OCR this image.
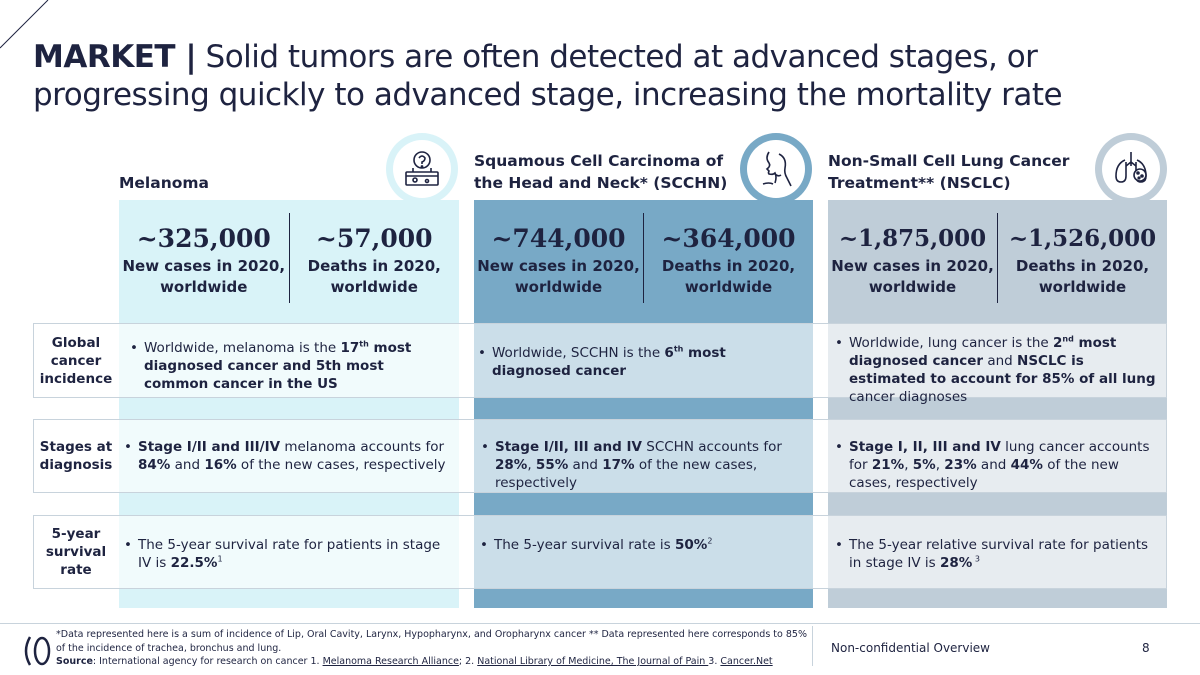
MARKET | Solid tumors are often detected at advanced stages, or progressing quickly to advanced stage, increasing the mortality rate
Melanoma
Squamous Cell Carcinoma of
the Head and Neck* (SCCHN)
Non-Small Cell Lung Cancer
Treatment** (NSCLC)
~325,000
New cases in 2020, worldwide
~57,000
Deaths in 2020, worldwide
~744,000
New cases in 2020, worldwide
~364,000
Deaths in 2020, worldwide
~1,875,000
New cases in 2020, worldwide
~1,526,000
Deaths in 2020, worldwide
Global cancer incidence
Stages at diagnosis
5-year survival rate
• Worldwide, melanoma is the 17th most diagnosed cancer and 5th most common cancer in the US
• Worldwide, SCCHN is the 6th most diagnosed cancer
• Worldwide, lung cancer is the 2nd most diagnosed cancer and NSCLC is estimated to account for 85% of all lung cancer diagnoses
• Stage I/II and III/IV melanoma accounts for 84% and 16% of the new cases, respectively
• Stage I/II, III and IV SCCHN accounts for 28%, 55% and 17% of the new cases, respectively
• Stage I, II, III and IV lung cancer accounts for 21%, 5%, 23% and 44% of the new cases, respectively
• The 5-year survival rate for patients in stage IV is 22.5%$^1$
• The 5-year survival rate is 50%$^2$
•	The 5-year relative survival rate for patients in stage IV is 28% $^3$
*Data represented here is a sum of incidence of Lip, Oral Cavity, Larynx, Hypopharynx, and Oropharynx cancer ** Data represented here corresponds to 85% of the incidence of trachea, bronchus and lung.
Source: International agency for research on cancer 1. Melanoma Research Alliance; 2. National Library of Medicine, The Journal of Pain 3. Cancer.Net
Non-confidential Overview	8
